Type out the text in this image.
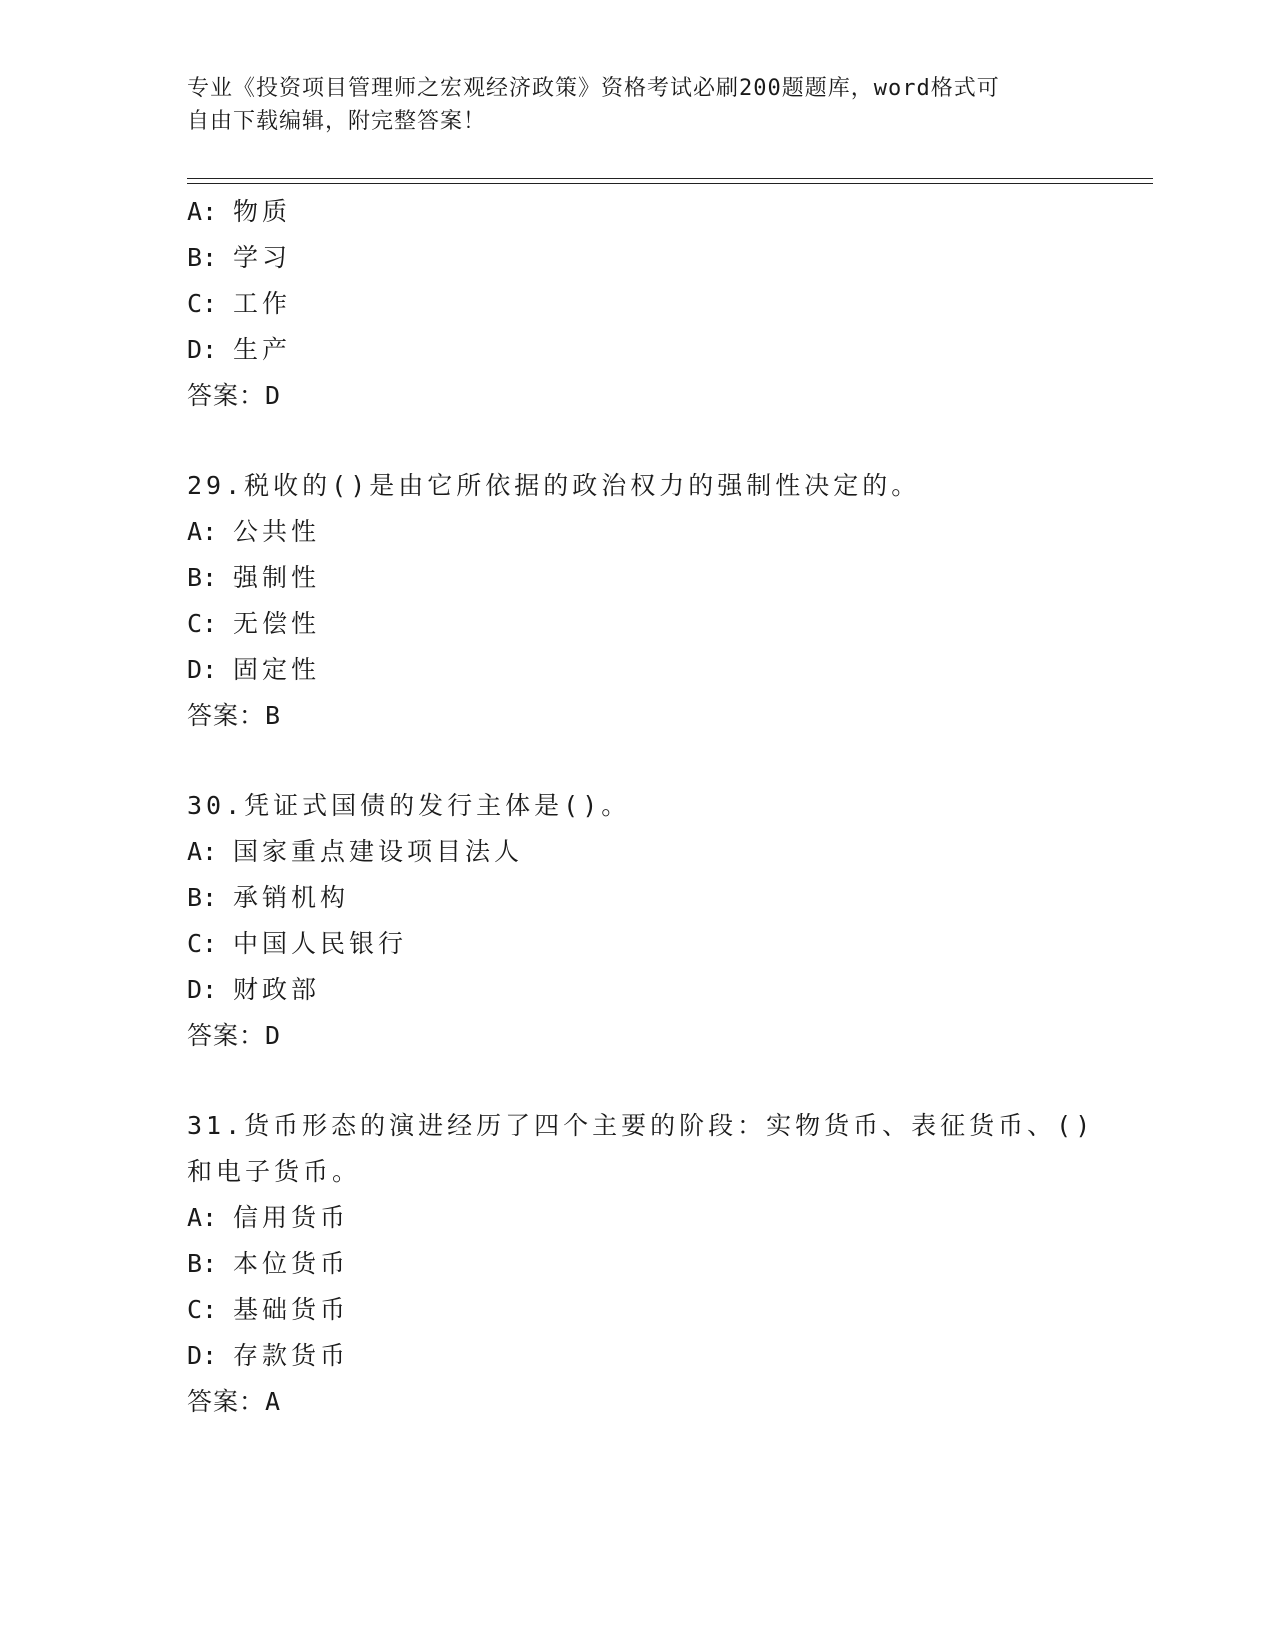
专业《投资项目管理师之宏观经济政策》资格考试必刷200题题库，word格式可
自由下载编辑，附完整答案！
A: 物质
B: 学习
C: 工作
D: 生产
答案：D
29.税收的()是由它所依据的政治权力的强制性决定的。
A: 公共性
B: 强制性
C: 无偿性
D: 固定性
答案：B
30.凭证式国债的发行主体是()。
A: 国家重点建设项目法人
B: 承销机构
C: 中国人民银行
D: 财政部
答案：D
31.货币形态的演进经历了四个主要的阶段：实物货币、表征货币、()
和电子货币。
A: 信用货币
B: 本位货币
C: 基础货币
D: 存款货币
答案：A
